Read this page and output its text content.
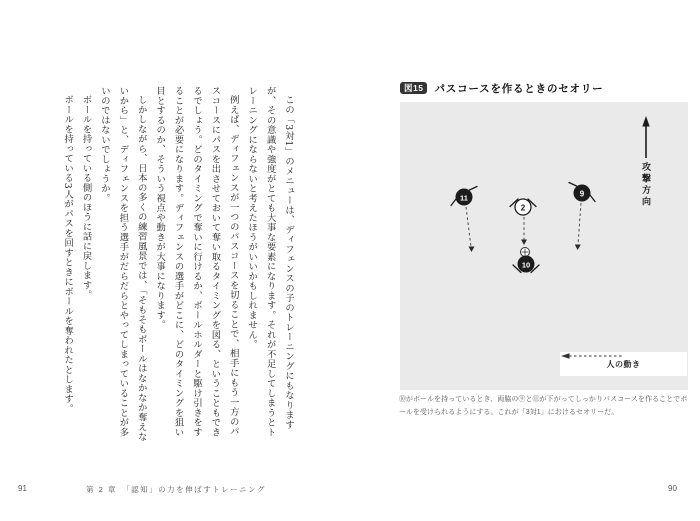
この「3対1」のメニューは、ディフェンスの子のトレーニングにもなりますが、その意識や強度がとても大事な要素になります。それが不足してしまうとトレーニングにならないと考えたほうがいいかもしれません。

例えば、ディフェンスが一つのパスコースを切ることで、相手にもう一方のパスコースにパスを出させておいて奪い取るタイミングを図る、ということもできるでしょう。どのタイミングで奪いに行けるか、ボールホルダーと駆け引きをすることが必要になります。ディフェンスの選手がどこに、どのタイミングを狙い目とするのか、そういう視点や動きが大事になります。

しかしながら、日本の多くの練習風景では、「そもそもボールはなかなか奪えないから」と、ディフェンスを担う選手がだらだらとやってしまっていることが多いのではないでしょうか。

ボールを持っている側のほうに話に戻します。

ボールを持っている3人がパスを回すときにボールを奪われたとします。

91	第 2 章　「認知」の力を伸ばすトレーニング
図15	パスコースを作るときのセオリー
11
2
9
10
攻撃方向
人の動き
⑩がボールを持っているとき、両脇の⑨と⑪が下がってしっかりパスコースを作ることでボールを受けられるようにする。これが「3対1」におけるセオリーだ。
90
